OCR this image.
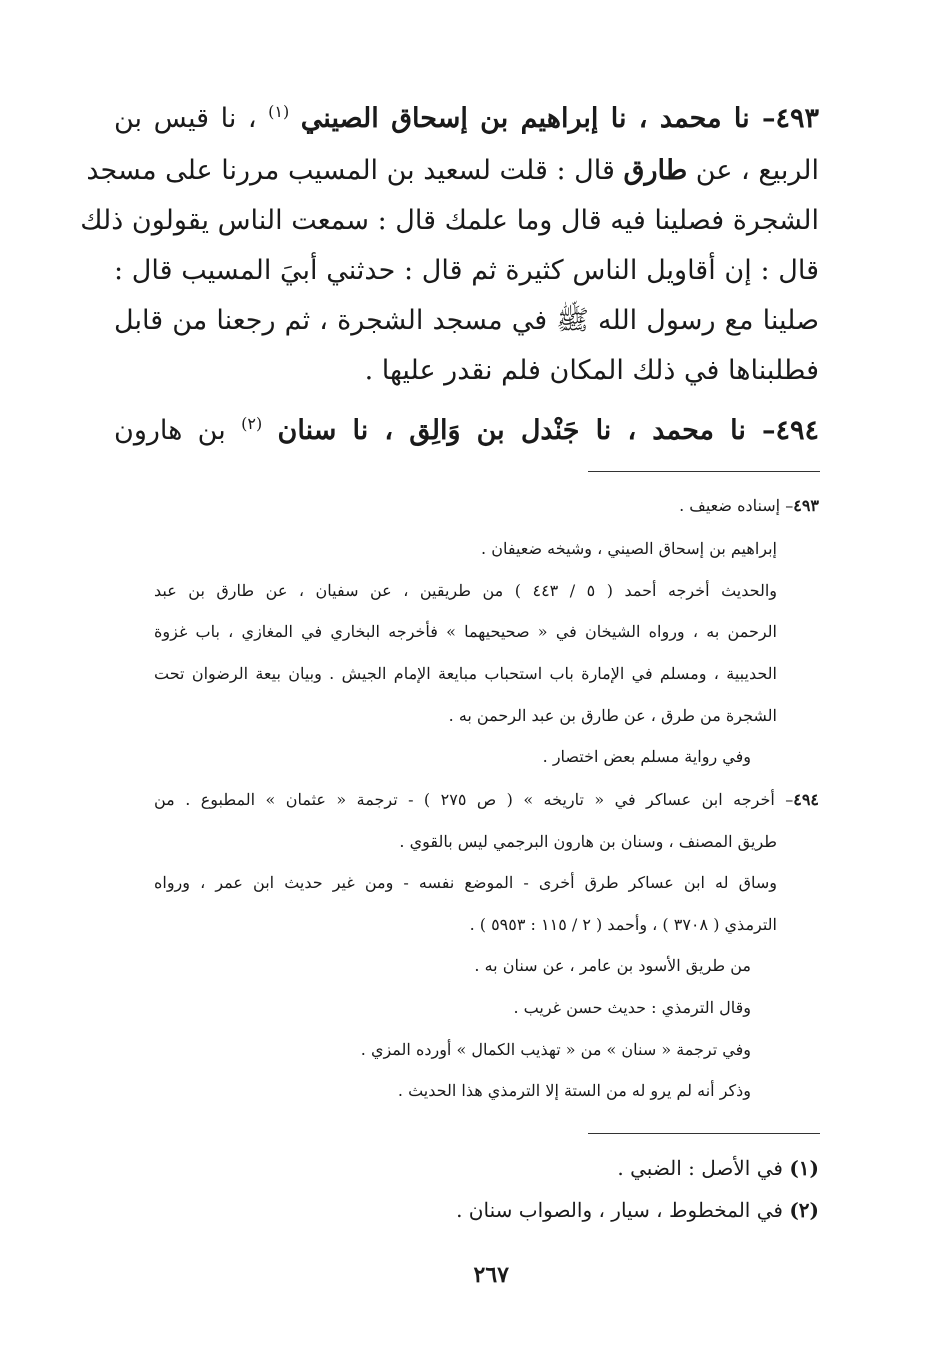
٤٩٣– نا محمد ، نا إبراهيم بن إسحاق الصيني $^{(١)}$ ، نا قيس بن
الربيع ، عن طارق قال : قلت لسعيد بن المسيب مررنا على مسجد
الشجرة فصلينا فيه قال وما علمك قال : سمعت الناس يقولون ذلك
قال : إن أقاويل الناس كثيرة ثم قال : حدثني أبيَ المسيب قال :
صلينا مع رسول الله ﷺ في مسجد الشجرة ، ثم رجعنا من قابل
فطلبناها في ذلك المكان فلم نقدر عليها .
٤٩٤– نا محمد ، نا جَنْدل بن وَالِق ، نا سنان $^{(٢)}$ بن هارون
٤٩٣– إسناده ضعيف .
إبراهيم بن إسحاق الصيني ، وشيخه ضعيفان .
والحديث أخرجه أحمد ( ٥ / ٤٤٣ ) من طريقين ، عن سفيان ، عن طارق بن عبد
الرحمن به ، ورواه الشيخان في « صحيحيهما » فأخرجه البخاري في المغازي ، باب غزوة
الحديبية ، ومسلم في الإمارة باب استحباب مبايعة الإمام الجيش . وبيان بيعة الرضوان تحت
الشجرة من طرق ، عن طارق بن عبد الرحمن به .
وفي رواية مسلم بعض اختصار .
٤٩٤– أخرجه ابن عساكر في « تاريخه » ( ص ٢٧٥ ) - ترجمة « عثمان » المطبوع . من
طريق المصنف ، وسنان بن هارون البرجمي ليس بالقوي .
وساق له ابن عساكر طرق أخرى - الموضع نفسه - ومن غير حديث ابن عمر ، ورواه
الترمذي ( ٣٧٠٨ ) ، وأحمد ( ٢ / ١١٥ : ٥٩٥٣ ) .
من طريق الأسود بن عامر ، عن سنان به .
وقال الترمذي : حديث حسن غريب .
وفي ترجمة « سنان » من « تهذيب الكمال » أورده المزي .
وذكر أنه لم يرو له من الستة إلا الترمذي هذا الحديث .
(١) في الأصل : الضبي .
(٢) في المخطوط ، سيار ، والصواب سنان .
٢٦٧
